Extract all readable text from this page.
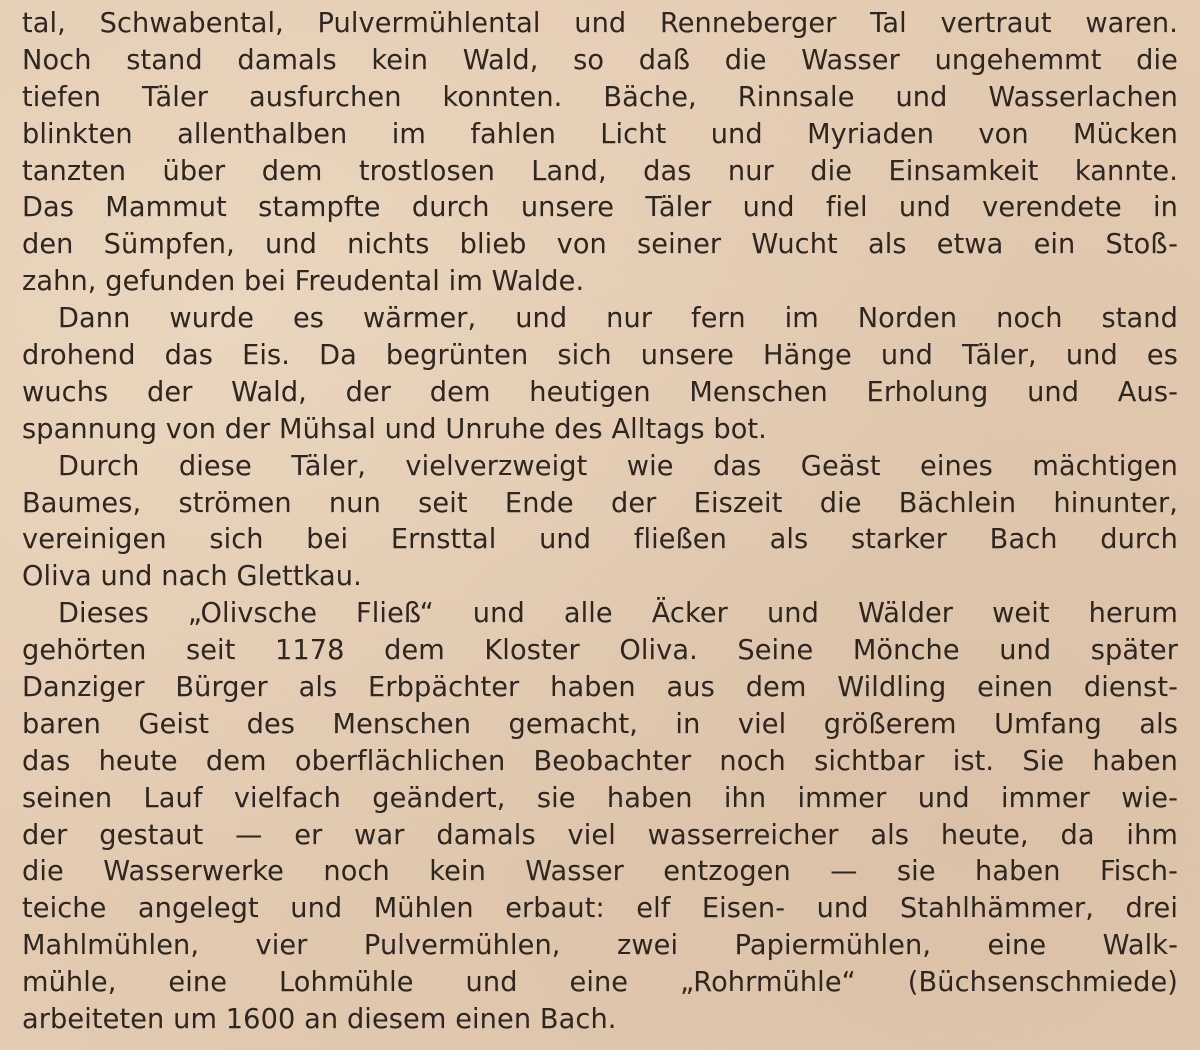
tal, Schwabental, Pulvermühlental und Renneberger Tal vertraut waren.
Noch stand damals kein Wald, so daß die Wasser ungehemmt die
tiefen Täler ausfurchen konnten. Bäche, Rinnsale und Wasserlachen
blinkten allenthalben im fahlen Licht und Myriaden von Mücken
tanzten über dem trostlosen Land, das nur die Einsamkeit kannte.
Das Mammut stampfte durch unsere Täler und fiel und verendete in
den Sümpfen, und nichts blieb von seiner Wucht als etwa ein Stoß-
zahn, gefunden bei Freudental im Walde.
Dann wurde es wärmer, und nur fern im Norden noch stand
drohend das Eis. Da begrünten sich unsere Hänge und Täler, und es
wuchs der Wald, der dem heutigen Menschen Erholung und Aus-
spannung von der Mühsal und Unruhe des Alltags bot.
Durch diese Täler, vielverzweigt wie das Geäst eines mächtigen
Baumes, strömen nun seit Ende der Eiszeit die Bächlein hinunter,
vereinigen sich bei Ernsttal und fließen als starker Bach durch
Oliva und nach Glettkau.
Dieses „Olivsche Fließ“ und alle Äcker und Wälder weit herum
gehörten seit 1178 dem Kloster Oliva. Seine Mönche und später
Danziger Bürger als Erbpächter haben aus dem Wildling einen dienst-
baren Geist des Menschen gemacht, in viel größerem Umfang als
das heute dem oberflächlichen Beobachter noch sichtbar ist. Sie haben
seinen Lauf vielfach geändert, sie haben ihn immer und immer wie-
der gestaut — er war damals viel wasserreicher als heute, da ihm
die Wasserwerke noch kein Wasser entzogen — sie haben Fisch-
teiche angelegt und Mühlen erbaut: elf Eisen- und Stahlhämmer, drei
Mahlmühlen, vier Pulvermühlen, zwei Papiermühlen, eine Walk-
mühle, eine Lohmühle und eine „Rohrmühle“ (Büchsenschmiede)
arbeiteten um 1600 an diesem einen Bach.
